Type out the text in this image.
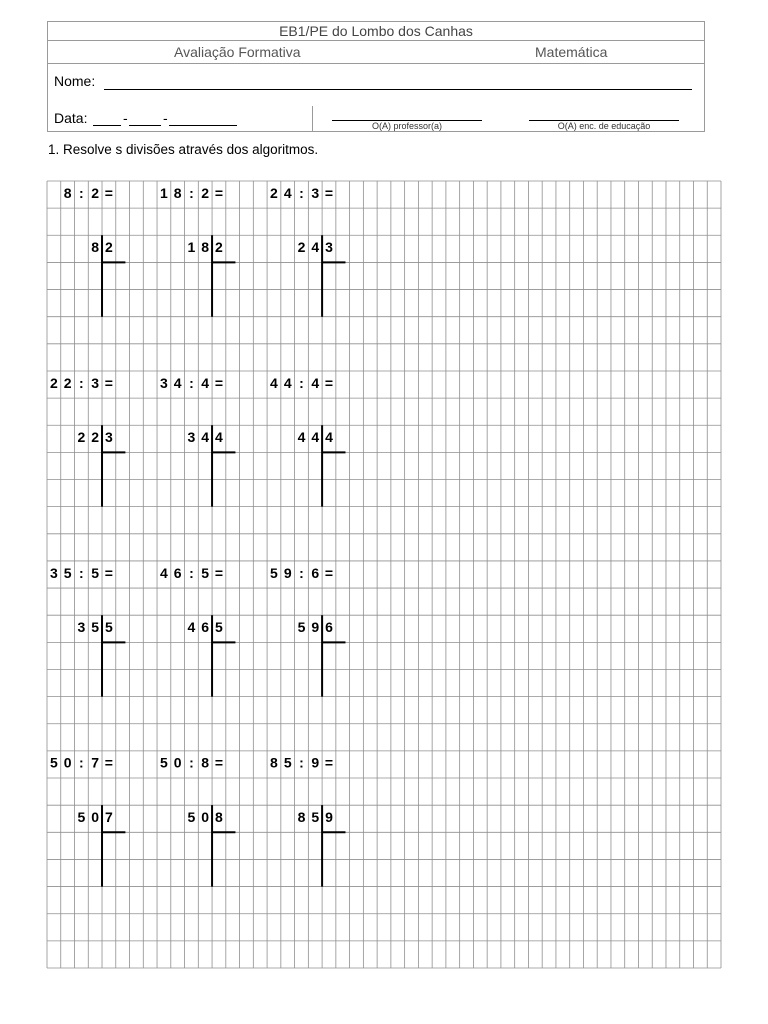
EB1/PE do Lombo dos Canhas
Avaliação Formativa	Matemática
Nome:
Data:	-	-	O(A) professor(a)	O(A) enc. de educação
1. Resolve s divisões através dos algoritmos.
8 : 2 =
8 2
1 8 : 2 =
1 8 2
2 4 : 3 =
2 4 3
2 2 : 3 =
2 2 3
3 4 : 4 =
3 4 4
4 4 : 4 =
4 4 4
3 5 : 5 =
3 5 5
4 6 : 5 =
4 6 5
5 9 : 6 =
5 9 6
5 0 : 7 =
5 0 7
5 0 : 8 =
5 0 8
8 5 : 9 =
8 5 9
